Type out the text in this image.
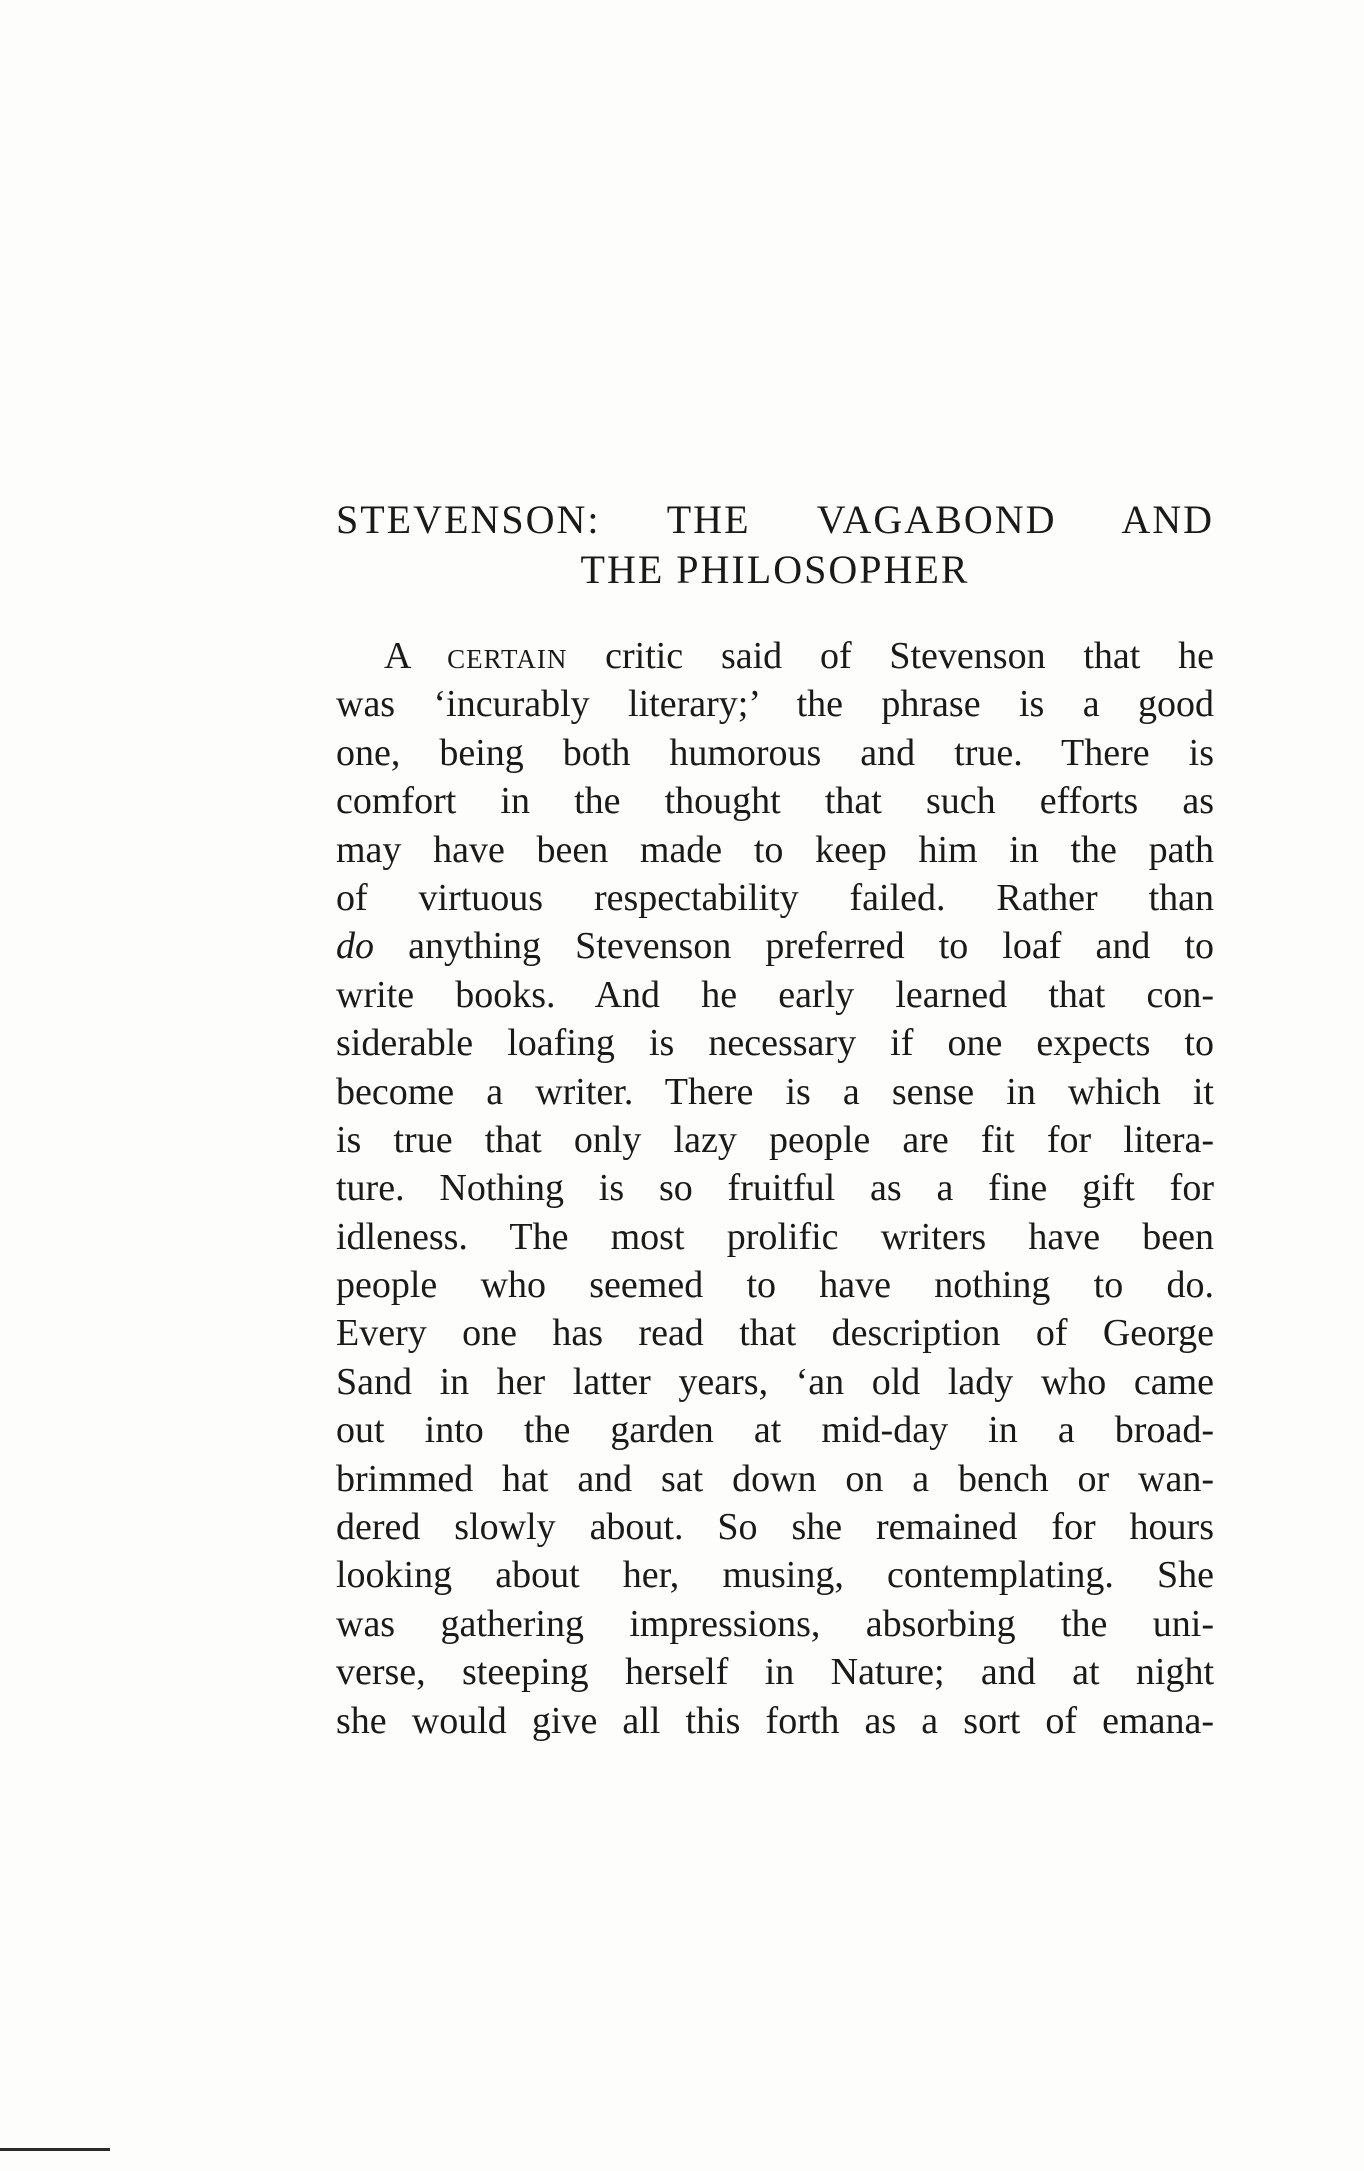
STEVENSON: THE VAGABOND AND
THE PHILOSOPHER
A certain critic said of Stevenson that he
was ‘incurably literary;’ the phrase is a good
one, being both humorous and true. There is
comfort in the thought that such efforts as
may have been made to keep him in the path
of virtuous respectability failed. Rather than
do anything Stevenson preferred to loaf and to
write books. And he early learned that con-
siderable loafing is necessary if one expects to
become a writer. There is a sense in which it
is true that only lazy people are fit for litera-
ture. Nothing is so fruitful as a fine gift for
idleness. The most prolific writers have been
people who seemed to have nothing to do.
Every one has read that description of George
Sand in her latter years, ‘an old lady who came
out into the garden at mid-day in a broad-
brimmed hat and sat down on a bench or wan-
dered slowly about. So she remained for hours
looking about her, musing, contemplating. She
was gathering impressions, absorbing the uni-
verse, steeping herself in Nature; and at night
she would give all this forth as a sort of emana-
